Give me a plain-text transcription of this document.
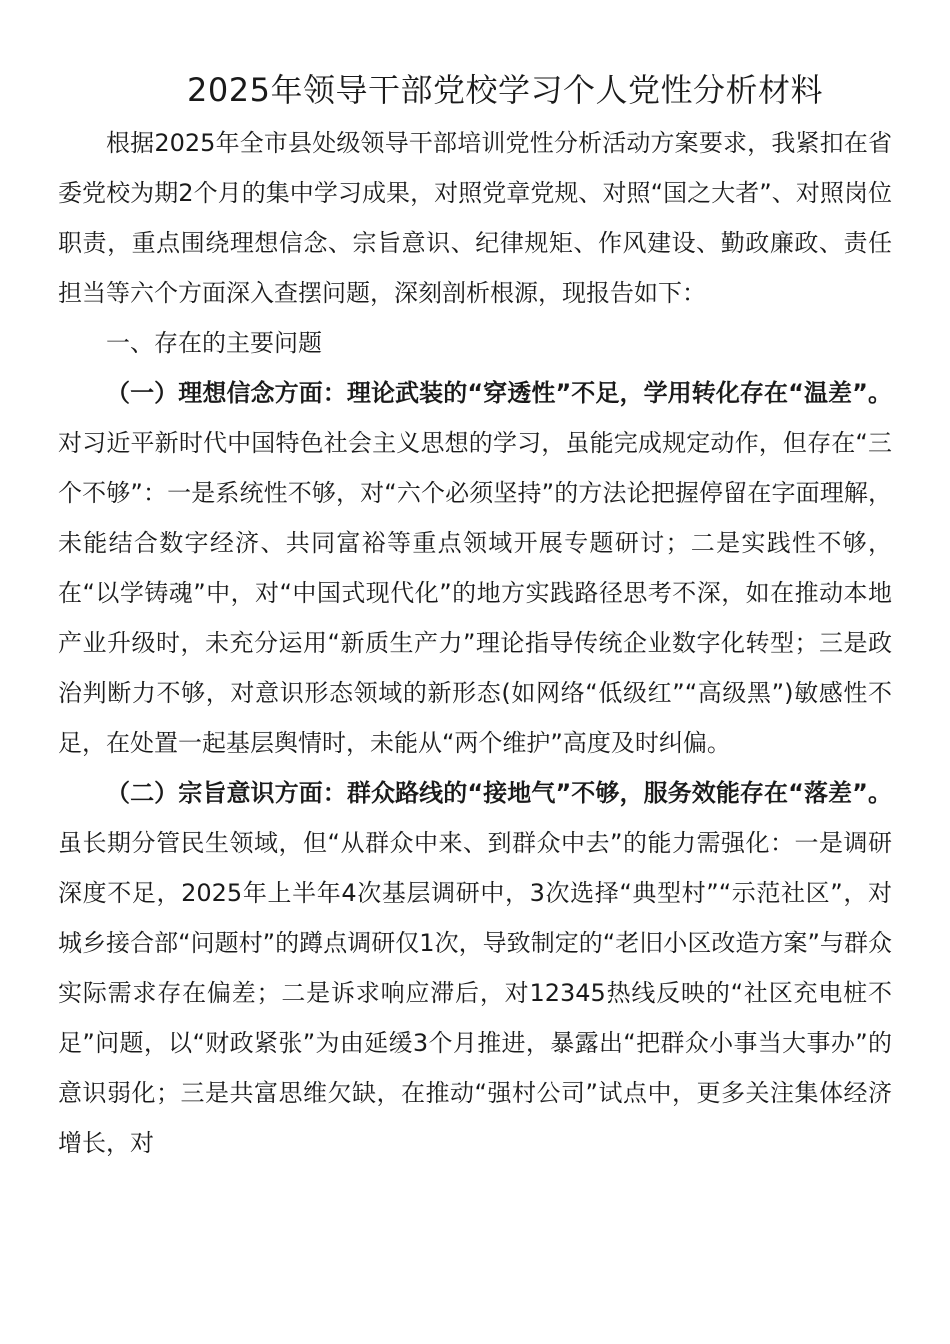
2025年领导干部党校学习个人党性分析材料

根据2025年全市县处级领导干部培训党性分析活动方案要求，我紧扣在省委党校为期2个月的集中学习成果，对照党章党规、对照“国之大者”、对照岗位职责，重点围绕理想信念、宗旨意识、纪律规矩、作风建设、勤政廉政、责任担当等六个方面深入查摆问题，深刻剖析根源，现报告如下：

一、存在的主要问题

（一）理想信念方面：理论武装的“穿透性”不足，学用转化存在“温差”。对习近平新时代中国特色社会主义思想的学习，虽能完成规定动作，但存在“三个不够”：一是系统性不够，对“六个必须坚持”的方法论把握停留在字面理解，未能结合数字经济、共同富裕等重点领域开展专题研讨；二是实践性不够，在“以学铸魂”中，对“中国式现代化”的地方实践路径思考不深，如在推动本地产业升级时，未充分运用“新质生产力”理论指导传统企业数字化转型；三是政治判断力不够，对意识形态领域的新形态(如网络“低级红”“高级黑”)敏感性不足，在处置一起基层舆情时，未能从“两个维护”高度及时纠偏。

（二）宗旨意识方面：群众路线的“接地气”不够，服务效能存在“落差”。虽长期分管民生领域，但“从群众中来、到群众中去”的能力需强化：一是调研深度不足，2025年上半年4次基层调研中，3次选择“典型村”“示范社区”，对城乡接合部“问题村”的蹲点调研仅1次，导致制定的“老旧小区改造方案”与群众实际需求存在偏差；二是诉求响应滞后，对12345热线反映的“社区充电桩不足”问题，以“财政紧张”为由延缓3个月推进，暴露出“把群众小事当大事办”的意识弱化；三是共富思维欠缺，在推动“强村公司”试点中，更多关注集体经济增长，对
